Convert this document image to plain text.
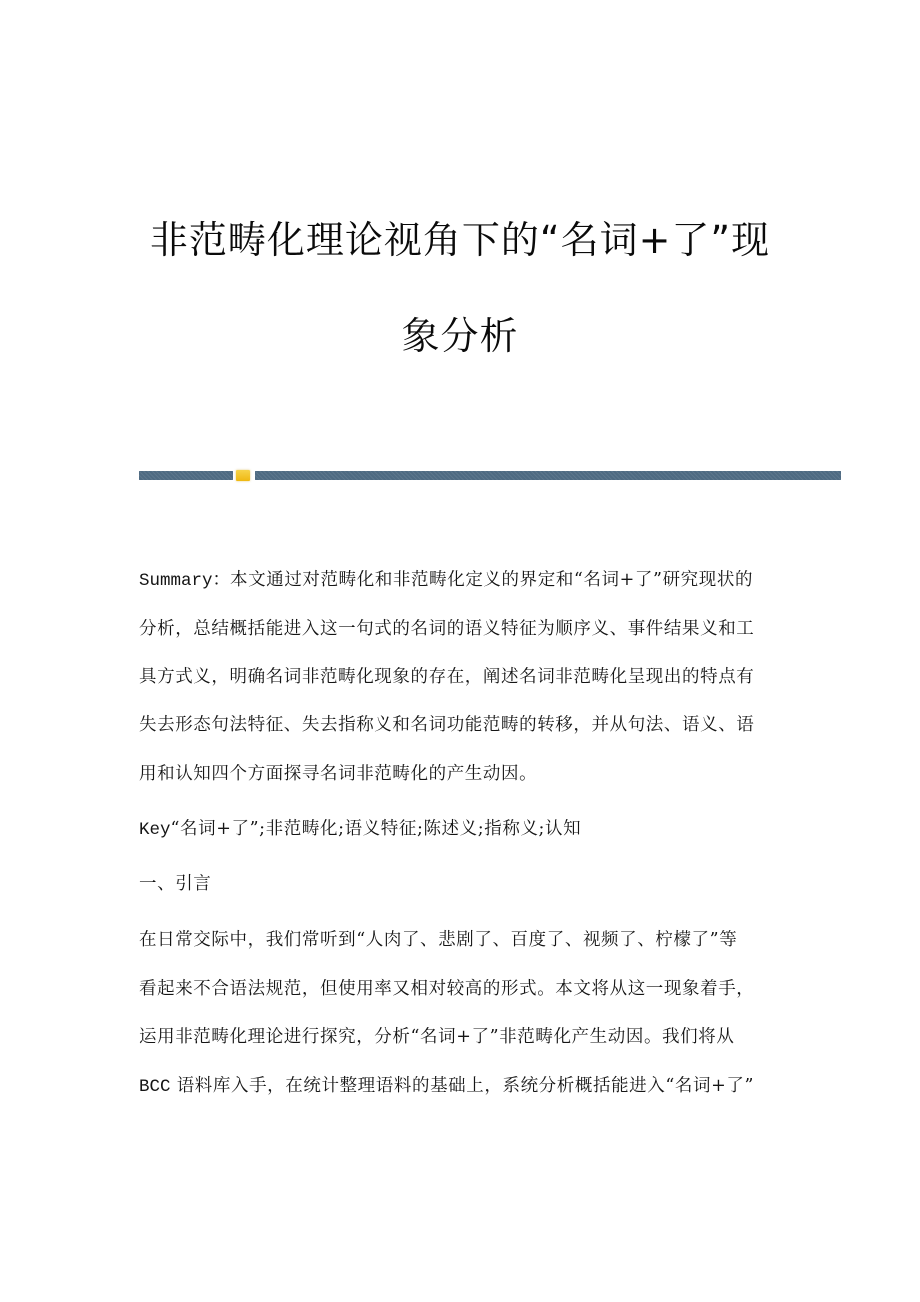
非范畴化理论视角下的“名词+了”现
象分析
Summary：本文通过对范畴化和非范畴化定义的界定和“名词+了”研究现状的
分析，总结概括能进入这一句式的名词的语义特征为顺序义、事件结果义和工
具方式义，明确名词非范畴化现象的存在，阐述名词非范畴化呈现出的特点有
失去形态句法特征、失去指称义和名词功能范畴的转移，并从句法、语义、语
用和认知四个方面探寻名词非范畴化的产生动因。
Key“名词+了”;非范畴化;语义特征;陈述义;指称义;认知
一、引言
在日常交际中，我们常听到“人肉了、悲剧了、百度了、视频了、柠檬了”等
看起来不合语法规范，但使用率又相对较高的形式。本文将从这一现象着手，
运用非范畴化理论进行探究，分析“名词+了”非范畴化产生动因。我们将从
BCC 语料库入手，在统计整理语料的基础上，系统分析概括能进入“名词+了”
